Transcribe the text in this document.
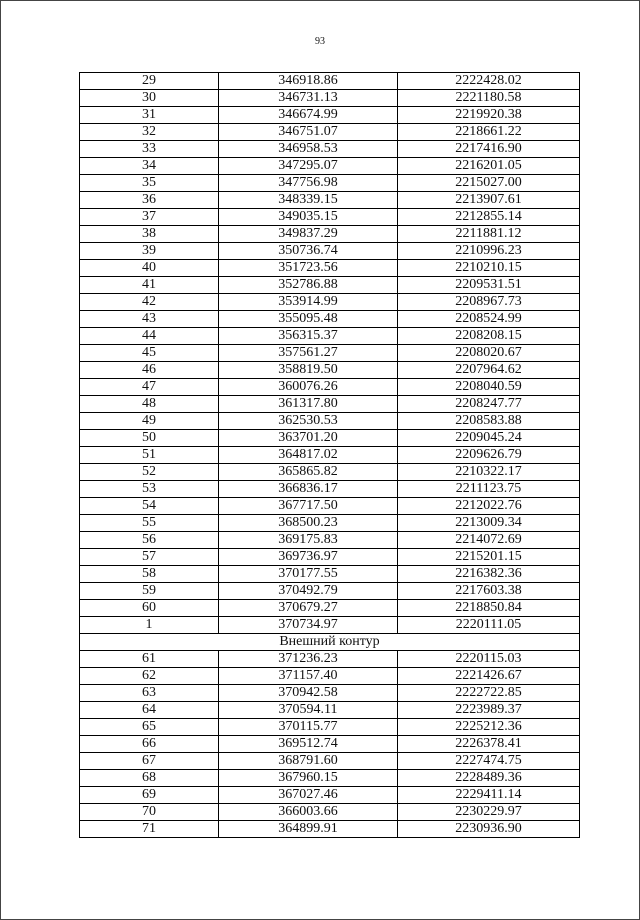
93
29	346918.86	2222428.02
30	346731.13	2221180.58
31	346674.99	2219920.38
32	346751.07	2218661.22
33	346958.53	2217416.90
34	347295.07	2216201.05
35	347756.98	2215027.00
36	348339.15	2213907.61
37	349035.15	2212855.14
38	349837.29	2211881.12
39	350736.74	2210996.23
40	351723.56	2210210.15
41	352786.88	2209531.51
42	353914.99	2208967.73
43	355095.48	2208524.99
44	356315.37	2208208.15
45	357561.27	2208020.67
46	358819.50	2207964.62
47	360076.26	2208040.59
48	361317.80	2208247.77
49	362530.53	2208583.88
50	363701.20	2209045.24
51	364817.02	2209626.79
52	365865.82	2210322.17
53	366836.17	2211123.75
54	367717.50	2212022.76
55	368500.23	2213009.34
56	369175.83	2214072.69
57	369736.97	2215201.15
58	370177.55	2216382.36
59	370492.79	2217603.38
60	370679.27	2218850.84
1	370734.97	2220111.05
Внешний контур		
61	371236.23	2220115.03
62	371157.40	2221426.67
63	370942.58	2222722.85
64	370594.11	2223989.37
65	370115.77	2225212.36
66	369512.74	2226378.41
67	368791.60	2227474.75
68	367960.15	2228489.36
69	367027.46	2229411.14
70	366003.66	2230229.97
71	364899.91	2230936.90
